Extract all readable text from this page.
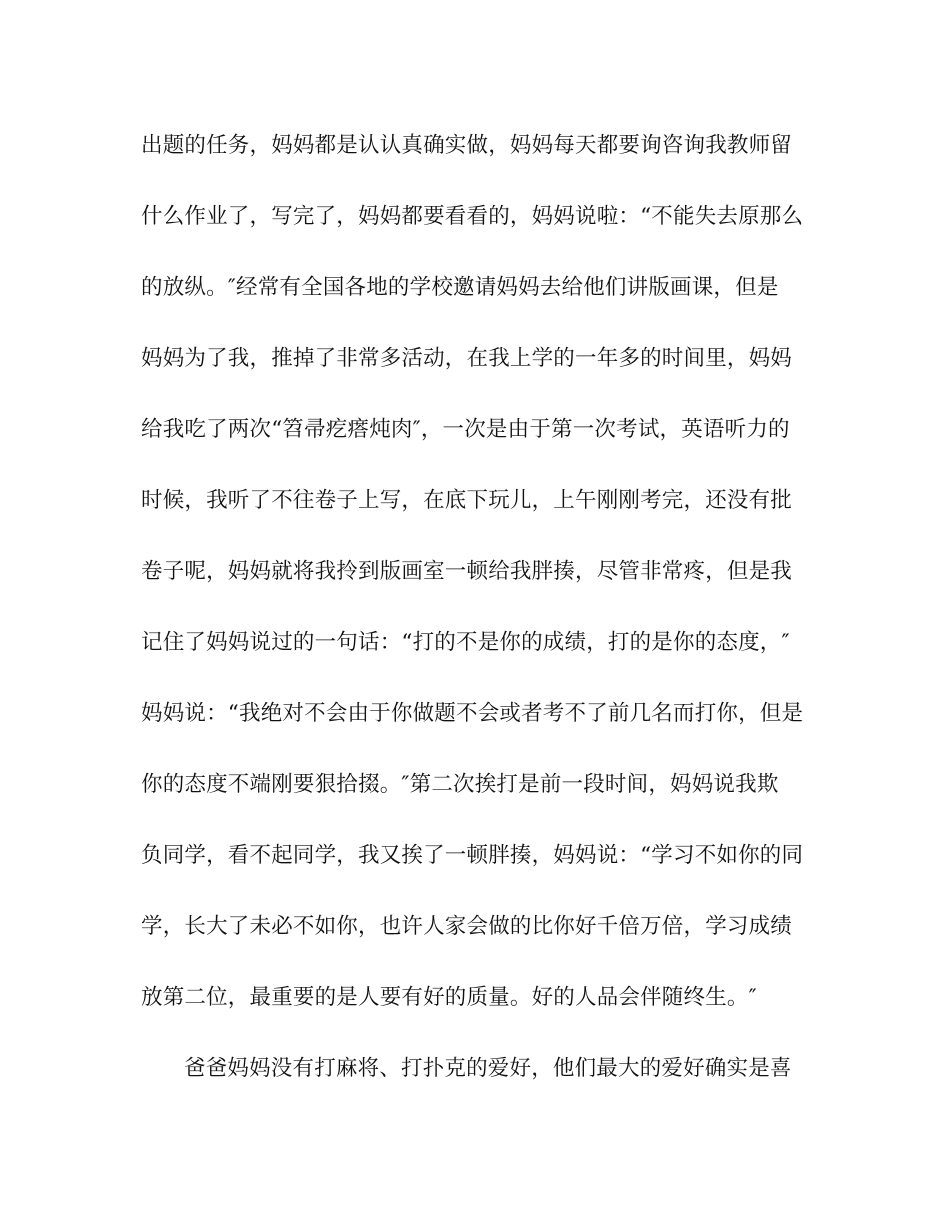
出题的任务，妈妈都是认认真确实做，妈妈每天都要询咨询我教师留
什么作业了，写完了，妈妈都要看看的，妈妈说啦：“不能失去原那么
的放纵。″经常有全国各地的学校邀请妈妈去给他们讲版画课，但是
妈妈为了我，推掉了非常多活动，在我上学的一年多的时间里，妈妈
给我吃了两次“笤帚疙瘩炖肉″，一次是由于第一次考试，英语听力的
时候，我听了不往卷子上写，在底下玩儿，上午刚刚考完，还没有批
卷子呢，妈妈就将我拎到版画室一顿给我胖揍，尽管非常疼，但是我
记住了妈妈说过的一句话：“打的不是你的成绩，打的是你的态度，″
妈妈说：“我绝对不会由于你做题不会或者考不了前几名而打你，但是
你的态度不端刚要狠拾掇。″第二次挨打是前一段时间，妈妈说我欺
负同学，看不起同学，我又挨了一顿胖揍，妈妈说：“学习不如你的同
学，长大了未必不如你，也许人家会做的比你好千倍万倍，学习成绩
放第二位，最重要的是人要有好的质量。好的人品会伴随终生。″
爸爸妈妈没有打麻将、打扑克的爱好，他们最大的爱好确实是喜
